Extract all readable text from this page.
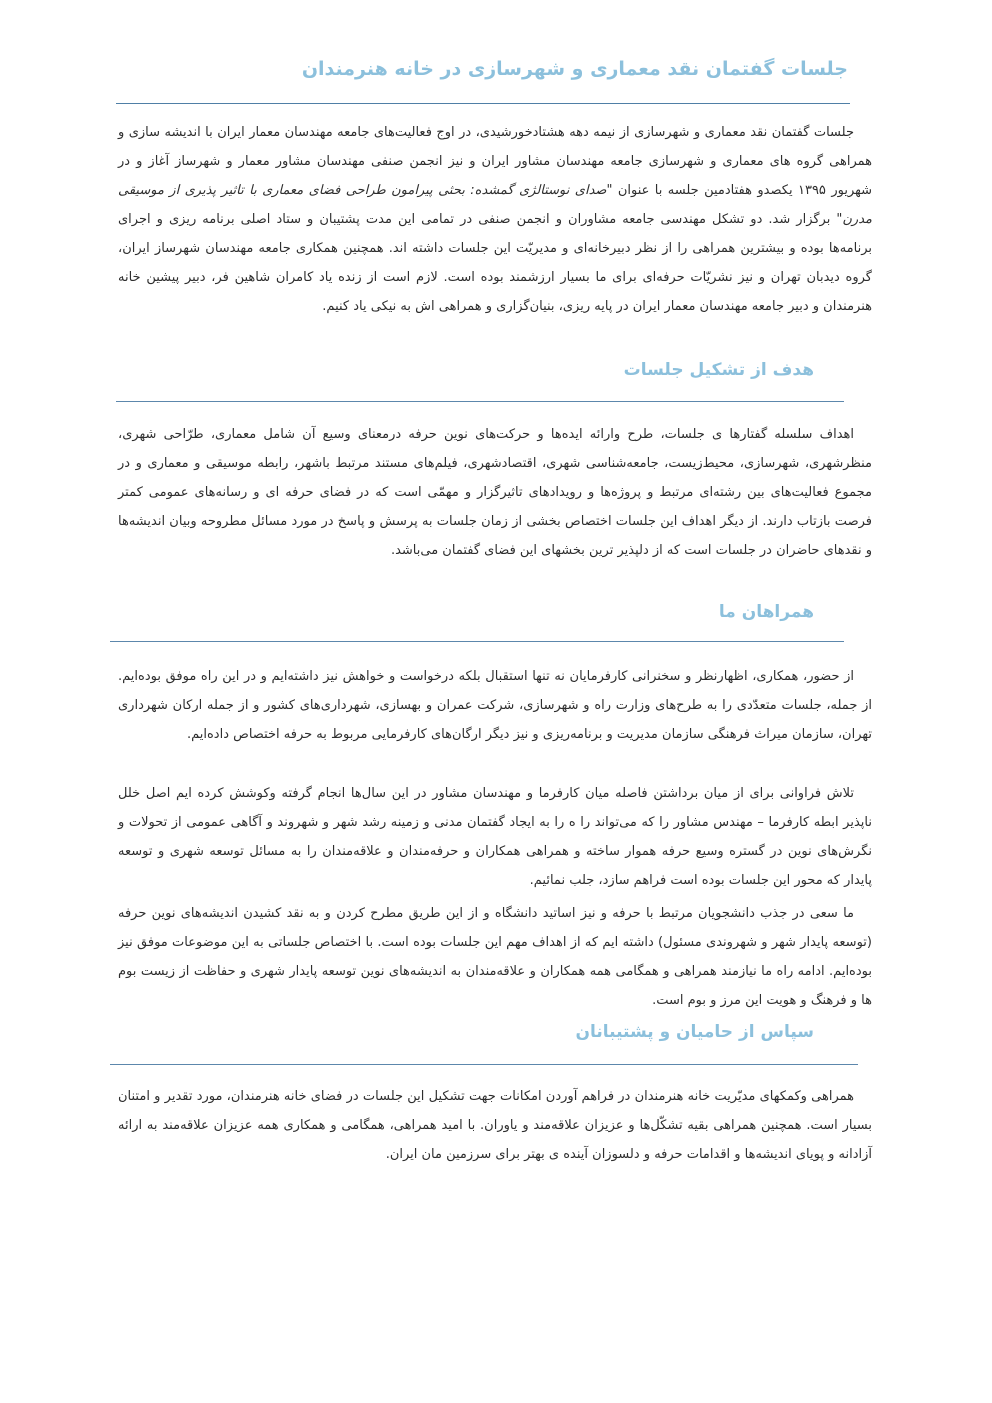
جلسات گفتمان نقد معماری و شهرسازی در خانه هنرمندان
جلسات گفتمان نقد معماری و شهرسازی از نیمه دهه هشتادخورشیدی، در اوج فعالیت‌های جامعه مهندسان معمار ایران با اندیشه سازی و همراهی گروه های معماری و شهرسازی جامعه مهندسان مشاور ایران و نیز انجمن صنفی مهندسان مشاور معمار و شهرساز آغاز و در شهریور ۱۳۹۵ یکصدو هفتادمین جلسه با عنوان "صدای نوستالژی گمشده: بحثی پیرامون طراحی فضای معماری با تاثیر پذیری از موسیقی مدرن" برگزار شد. دو تشکل مهندسی جامعه مشاوران و انجمن صنفی در تمامی این مدت پشتیبان و ستاد اصلی برنامه ریزی و اجرای برنامه‌ها بوده و بیشترین همراهی را از نظر دبیرخانه‌ای و مدیریّت این جلسات داشته اند. همچنین همکاری جامعه مهندسان شهرساز ایران، گروه دیدبان تهران و نیز نشریّات حرفه‌ای برای ما بسیار ارزشمند بوده است. لازم است از زنده یاد کامران شاهین فر، دبیر پیشین خانه هنرمندان و دبیر جامعه مهندسان معمار ایران در پایه ریزی، بنیان‌گزاری و همراهی اش به نیکی یاد کنیم.
هدف از تشکیل جلسات
اهداف سلسله گفتارها ی جلسات، طرح وارائه ایده‌ها و حرکت‌های نوین حرفه درمعنای وسیع آن شامل معماری، طرّاحی شهری، منظرشهری، شهرسازی، محیط‌زیست، جامعه‌شناسی شهری، اقتصادشهری، فیلم‌های مستند مرتبط باشهر، رابطه موسیقی و معماری و در مجموع فعالیت‌های بین رشته‌ای مرتبط و پروژه‌ها و رویدادهای تاثیرگزار و مهمّی است که در فضای حرفه ای و رسانه‌های عمومی کمتر فرصت بازتاب دارند. از دیگر اهداف این جلسات اختصاص بخشی از زمان جلسات به پرسش و پاسخ در مورد مسائل مطروحه وبیان اندیشه‌ها و نقدهای حاضران در جلسات است که از دلپذیر ترین بخشهای این فضای گفتمان می‌باشد.
همراهان ما
از حضور، همکاری، اظهارنظر و سخنرانی کارفرمایان نه تنها استقبال بلکه درخواست و خواهش نیز داشته‌ایم و در این راه موفق بوده‌ایم. از جمله، جلسات متعدّدی را به طرح‌های وزارت راه و شهرسازی، شرکت عمران و بهسازی، شهرداری‌های کشور و از جمله ارکان شهرداری تهران، سازمان میراث فرهنگی سازمان مدیریت و برنامه‌ریزی و نیز دیگر ارگان‌های کارفرمایی مربوط به حرفه اختصاص داده‌ایم.
تلاش فراوانی برای از میان برداشتن فاصله میان کارفرما و مهندسان مشاور در این سال‌ها انجام گرفته وکوشش کرده ایم اصل خلل ناپذیر ابطه کارفرما – مهندس مشاور را که می‌تواند را ه را به ایجاد گفتمان مدنی و زمینه رشد شهر و شهروند و آگاهی عمومی از تحولات و نگرش‌های نوین در گستره وسیع حرفه هموار ساخته و همراهی همکاران و حرفه‌مندان و علاقه‌مندان را به مسائل توسعه شهری و توسعه پایدار که محور این جلسات بوده است فراهم سازد، جلب نمائیم.
ما سعی در جذب دانشجویان مرتبط با حرفه و نیز اساتید دانشگاه و از این طریق مطرح کردن و به نقد کشیدن اندیشه‌های نوین حرفه (توسعه پایدار شهر و شهروندی مسئول) داشته ایم که از اهداف مهم این جلسات بوده است. با اختصاص جلساتی به این موضوعات موفق نیز بوده‌ایم. ادامه راه ما نیازمند همراهی و همگامی همه همکاران و علاقه‌مندان به اندیشه‌های نوین توسعه پایدار شهری و حفاظت از زیست بوم ها و فرهنگ و هویت این مرز و بوم است.
سپاس از حامیان و پشتیبانان
همراهی وکمکهای مدیّریت خانه هنرمندان در فراهم آوردن امکانات جهت تشکیل این جلسات در فضای خانه هنرمندان، مورد تقدیر و امتنان بسیار است. همچنین همراهی بقیه تشکّل‌ها و عزیزان علاقه‌مند و یاوران. با امید همراهی، همگامی و همکاری همه عزیزان علاقه‌مند به ارائه آزادانه و پویای اندیشه‌ها و اقدامات حرفه و دلسوزان آینده ی بهتر برای سرزمین مان ایران.
